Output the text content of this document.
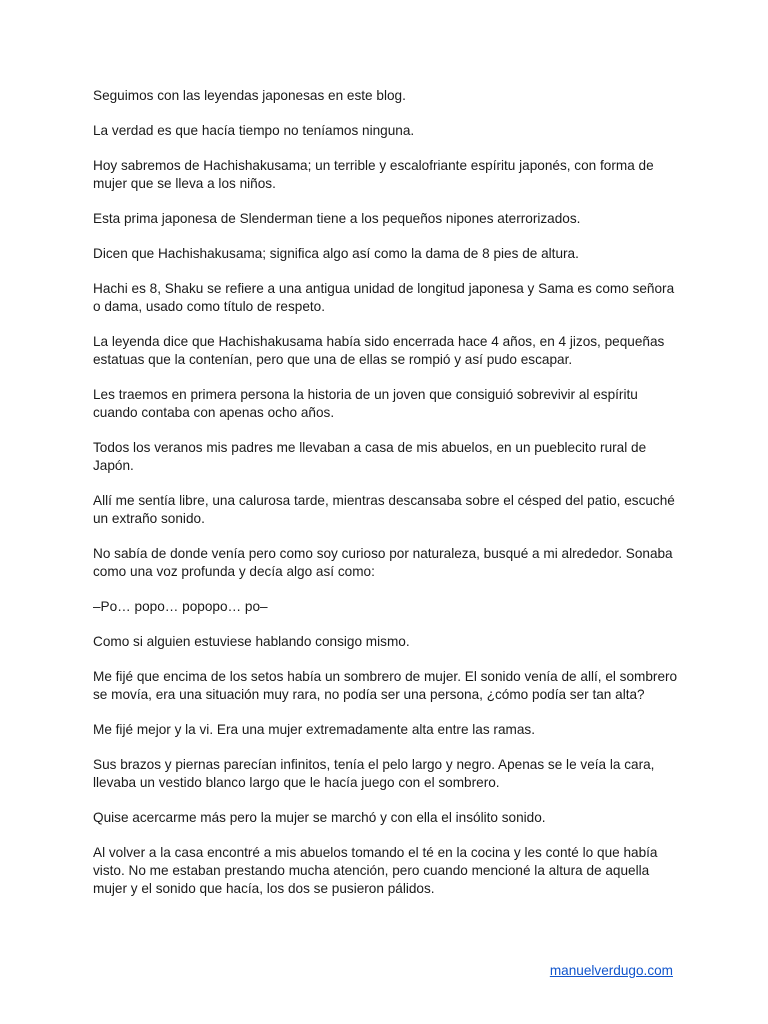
Seguimos con las leyendas japonesas en este blog.

La verdad es que hacía tiempo no teníamos ninguna.

Hoy sabremos de Hachishakusama; un terrible y escalofriante espíritu japonés, con forma de mujer que se lleva a los niños.

Esta prima japonesa de Slenderman tiene a los pequeños nipones aterrorizados.

Dicen que Hachishakusama; significa algo así como la dama de 8 pies de altura.

Hachi es 8, Shaku se refiere a una antigua unidad de longitud japonesa y Sama es como señora o dama, usado como título de respeto.

La leyenda dice que Hachishakusama había sido encerrada hace 4 años, en 4 jizos, pequeñas estatuas que la contenían, pero que una de ellas se rompió y así pudo escapar.

Les traemos en primera persona la historia de un joven que consiguió sobrevivir al espíritu cuando contaba con apenas ocho años.

Todos los veranos mis padres me llevaban a casa de mis abuelos, en un pueblecito rural de Japón.

Allí me sentía libre, una calurosa tarde, mientras descansaba sobre el césped del patio, escuché un extraño sonido.

No sabía de donde venía pero como soy curioso por naturaleza, busqué a mi alrededor. Sonaba como una voz profunda y decía algo así como:

–Po… popo… popopo… po–

Como si alguien estuviese hablando consigo mismo.

Me fijé que encima de los setos había un sombrero de mujer. El sonido venía de allí, el sombrero se movía, era una situación muy rara, no podía ser una persona, ¿cómo podía ser tan alta?

Me fijé mejor y la vi. Era una mujer extremadamente alta entre las ramas.

Sus brazos y piernas parecían infinitos, tenía el pelo largo y negro. Apenas se le veía la cara, llevaba un vestido blanco largo que le hacía juego con el sombrero.

Quise acercarme más pero la mujer se marchó y con ella el insólito sonido.

Al volver a la casa encontré a mis abuelos tomando el té en la cocina y les conté lo que había visto. No me estaban prestando mucha atención, pero cuando mencioné la altura de aquella mujer y el sonido que hacía, los dos se pusieron pálidos.

manuelverdugo.com
